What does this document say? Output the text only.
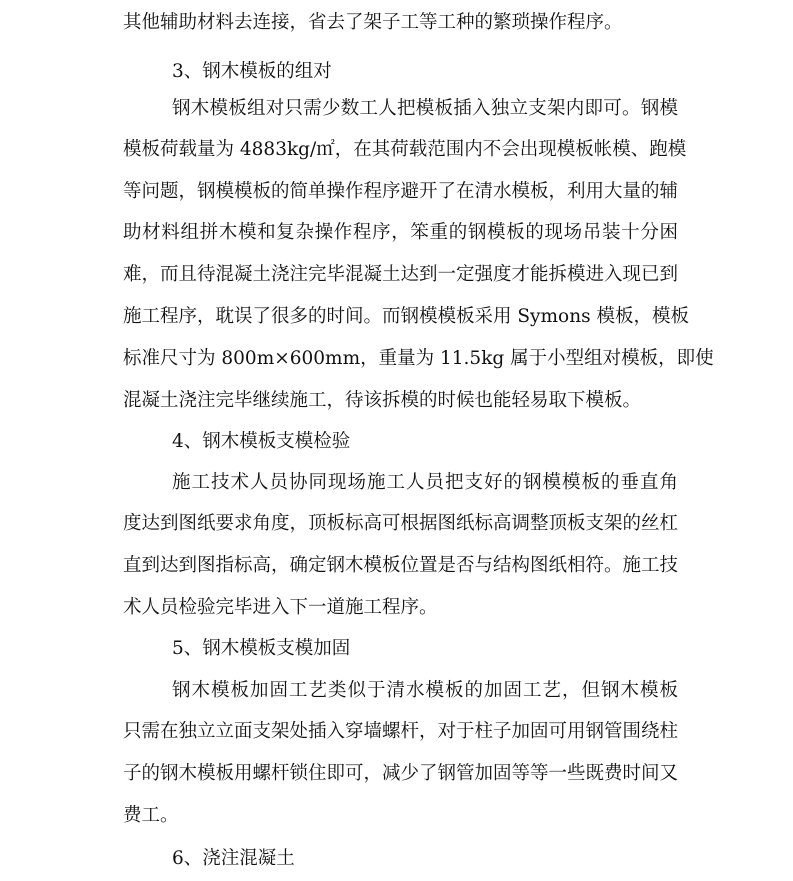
其他辅助材料去连接，省去了架子工等工种的繁琐操作程序。
3、钢木模板的组对
钢木模板组对只需少数工人把模板插入独立支架内即可。钢模
模板荷载量为 4883kg/㎡，在其荷载范围内不会出现模板帐模、跑模
等问题，钢模模板的简单操作程序避开了在清水模板，利用大量的辅
助材料组拼木模和复杂操作程序，笨重的钢模板的现场吊装十分困
难，而且待混凝土浇注完毕混凝土达到一定强度才能拆模进入现已到
施工程序，耽误了很多的时间。而钢模模板采用 Symons 模板，模板
标准尺寸为 800m×600mm，重量为 11.5kg 属于小型组对模板，即使
混凝土浇注完毕继续施工，待该拆模的时候也能轻易取下模板。
4、钢木模板支模检验
施工技术人员协同现场施工人员把支好的钢模模板的垂直角
度达到图纸要求角度，顶板标高可根据图纸标高调整顶板支架的丝杠
直到达到图指标高，确定钢木模板位置是否与结构图纸相符。施工技
术人员检验完毕进入下一道施工程序。
5、钢木模板支模加固
钢木模板加固工艺类似于清水模板的加固工艺，但钢木模板
只需在独立立面支架处插入穿墙螺杆，对于柱子加固可用钢管围绕柱
子的钢木模板用螺杆锁住即可，减少了钢管加固等等一些既费时间又
费工。
6、浇注混凝土
